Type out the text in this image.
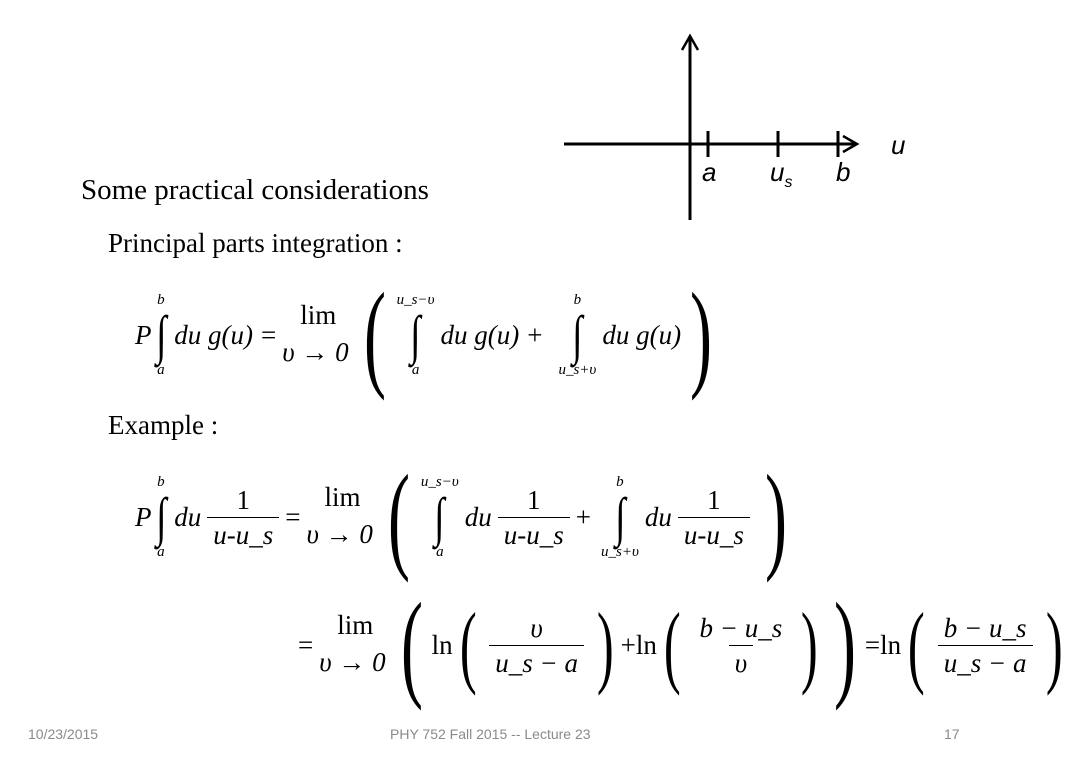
a $u_s$ b
u
Some practical considerations
Principal parts integration :
P
b
∫
a
du g(u) =
lim
υ → 0 ( u_s−υ
∫
a
du g(u) +
b
∫
u_s+υ
du g(u) )
Example :
P
b
∫
a
du $\frac{1}{u-u\_s}$ =
lim
υ → 0 ( u_s−υ
∫
a
du $\frac{1}{u-u\_s}$ +
b
∫
u_s+υ
du $\frac{1}{u-u\_s}$ )
=
lim
υ → 0 ( ln ( $\frac{\upsilon}{u\_s - a}$ ) + ln ( $\frac{b - u\_s}{\upsilon}$ ) ) = ln ( $\frac{b - u\_s}{u\_s - a}$ )
10/23/2015	PHY 752 Fall 2015 -- Lecture 23	17
